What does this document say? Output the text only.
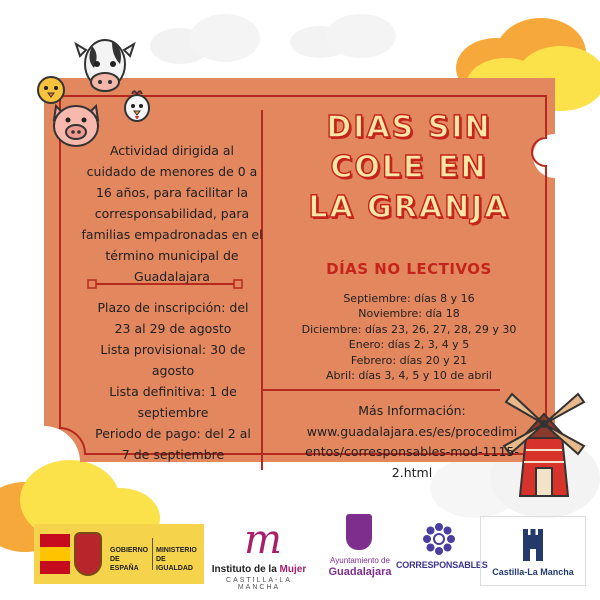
Actividad dirigida al
cuidado de menores de 0 a
16 años, para facilitar la
corresponsabilidad, para
familias empadronadas en el
término municipal de
Guadalajara
Plazo de inscripción: del
23 al 29 de agosto
Lista provisional: 30 de
agosto
Lista definitiva: 1 de
septiembre
Periodo de pago: del 2 al
7 de septiembre
DIAS SIN
COLE EN
LA GRANJA
DÍAS NO LECTIVOS
Septiembre: días 8 y 16
Noviembre: día 18
Diciembre: días 23, 26, 27, 28, 29 y 30
Enero: días 2, 3, 4 y 5
Febrero: días 20 y 21
Abril: días 3, 4, 5 y 10 de abril
Más Información:
www.guadalajara.es/es/procedimi
entos/corresponsables-mod-1115-
2.html
GOBIERNO DE ESPAÑA
MINISTERIO DE IGUALDAD
m
Instituto de la Mujer
CASTILLA-LA MANCHA
Ayuntamiento de
Guadalajara
CORRESPONSABLES
Castilla-La Mancha
